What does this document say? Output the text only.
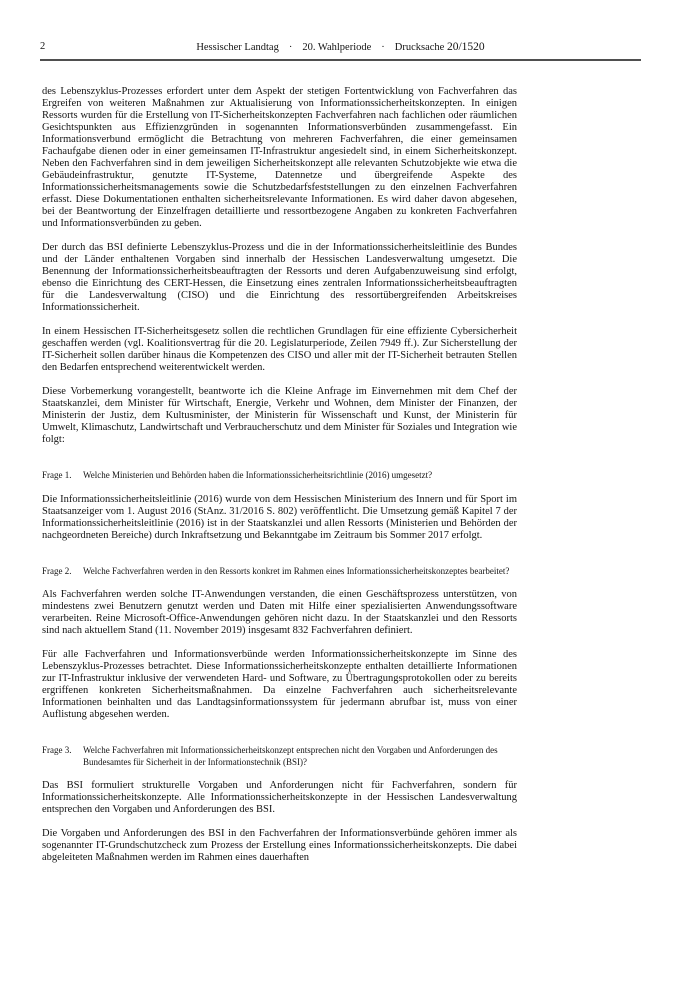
2	Hessischer Landtag · 20. Wahlperiode · Drucksache 20/1520
des Lebenszyklus-Prozesses erfordert unter dem Aspekt der stetigen Fortentwicklung von Fachverfahren das Ergreifen von weiteren Maßnahmen zur Aktualisierung von Informationssicherheitskonzepten. In einigen Ressorts wurden für die Erstellung von IT-Sicherheitskonzepten Fachverfahren nach fachlichen oder räumlichen Gesichtspunkten aus Effizienzgründen in sogenannten Informationsverbünden zusammengefasst. Ein Informationsverbund ermöglicht die Betrachtung von mehreren Fachverfahren, die einer gemeinsamen Fachaufgabe dienen oder in einer gemeinsamen IT-Infrastruktur angesiedelt sind, in einem Sicherheitskonzept. Neben den Fachverfahren sind in dem jeweiligen Sicherheitskonzept alle relevanten Schutzobjekte wie etwa die Gebäudeinfrastruktur, genutzte IT-Systeme, Datennetze und übergreifende Aspekte des Informationssicherheitsmanagements sowie die Schutzbedarfsfeststellungen zu den einzelnen Fachverfahren erfasst. Diese Dokumentationen enthalten sicherheitsrelevante Informationen. Es wird daher davon abgesehen, bei der Beantwortung der Einzelfragen detaillierte und ressortbezogene Angaben zu konkreten Fachverfahren und Informationsverbünden zu geben.
Der durch das BSI definierte Lebenszyklus-Prozess und die in der Informationssicherheitsleitlinie des Bundes und der Länder enthaltenen Vorgaben sind innerhalb der Hessischen Landesverwaltung umgesetzt. Die Benennung der Informationssicherheitsbeauftragten der Ressorts und deren Aufgabenzuweisung sind erfolgt, ebenso die Einrichtung des CERT-Hessen, die Einsetzung eines zentralen Informationssicherheitsbeauftragten für die Landesverwaltung (CISO) und die Einrichtung des ressortübergreifenden Arbeitskreises Informationssicherheit.
In einem Hessischen IT-Sicherheitsgesetz sollen die rechtlichen Grundlagen für eine effiziente Cybersicherheit geschaffen werden (vgl. Koalitionsvertrag für die 20. Legislaturperiode, Zeilen 7949 ff.). Zur Sicherstellung der IT-Sicherheit sollen darüber hinaus die Kompetenzen des CISO und aller mit der IT-Sicherheit betrauten Stellen den Bedarfen entsprechend weiterentwickelt werden.
Diese Vorbemerkung vorangestellt, beantworte ich die Kleine Anfrage im Einvernehmen mit dem Chef der Staatskanzlei, dem Minister für Wirtschaft, Energie, Verkehr und Wohnen, dem Minister der Finanzen, der Ministerin der Justiz, dem Kultusminister, der Ministerin für Wissenschaft und Kunst, der Ministerin für Umwelt, Klimaschutz, Landwirtschaft und Verbraucherschutz und dem Minister für Soziales und Integration wie folgt:
Frage 1.	Welche Ministerien und Behörden haben die Informationssicherheitsrichtlinie (2016) umgesetzt?
Die Informationssicherheitsleitlinie (2016) wurde von dem Hessischen Ministerium des Innern und für Sport im Staatsanzeiger vom 1. August 2016 (StAnz. 31/2016 S. 802) veröffentlicht. Die Umsetzung gemäß Kapitel 7 der Informationssicherheitsleitlinie (2016) ist in der Staatskanzlei und allen Ressorts (Ministerien und Behörden der nachgeordneten Bereiche) durch Inkraftsetzung und Bekanntgabe im Zeitraum bis Sommer 2017 erfolgt.
Frage 2.	Welche Fachverfahren werden in den Ressorts konkret im Rahmen eines Informationssicherheitskonzeptes bearbeitet?
Als Fachverfahren werden solche IT-Anwendungen verstanden, die einen Geschäftsprozess unterstützen, von mindestens zwei Benutzern genutzt werden und Daten mit Hilfe einer spezialisierten Anwendungssoftware verarbeiten. Reine Microsoft-Office-Anwendungen gehören nicht dazu. In der Staatskanzlei und den Ressorts sind nach aktuellem Stand (11. November 2019) insgesamt 832 Fachverfahren definiert.
Für alle Fachverfahren und Informationsverbünde werden Informationssicherheitskonzepte im Sinne des Lebenszyklus-Prozesses betrachtet. Diese Informationssicherheitskonzepte enthalten detaillierte Informationen zur IT-Infrastruktur inklusive der verwendeten Hard- und Software, zu Übertragungsprotokollen oder zu bereits ergriffenen konkreten Sicherheitsmaßnahmen. Da einzelne Fachverfahren auch sicherheitsrelevante Informationen beinhalten und das Landtagsinformationssystem für jedermann abrufbar ist, muss von einer Auflistung abgesehen werden.
Frage 3.	Welche Fachverfahren mit Informationssicherheitskonzept entsprechen nicht den Vorgaben und Anforderungen des Bundesamtes für Sicherheit in der Informationstechnik (BSI)?
Das BSI formuliert strukturelle Vorgaben und Anforderungen nicht für Fachverfahren, sondern für Informationssicherheitskonzepte. Alle Informationssicherheitskonzepte in der Hessischen Landesverwaltung entsprechen den Vorgaben und Anforderungen des BSI.
Die Vorgaben und Anforderungen des BSI in den Fachverfahren der Informationsverbünde gehören immer als sogenannter IT-Grundschutzcheck zum Prozess der Erstellung eines Informationssicherheitskonzepts. Die dabei abgeleiteten Maßnahmen werden im Rahmen eines dauerhaften
